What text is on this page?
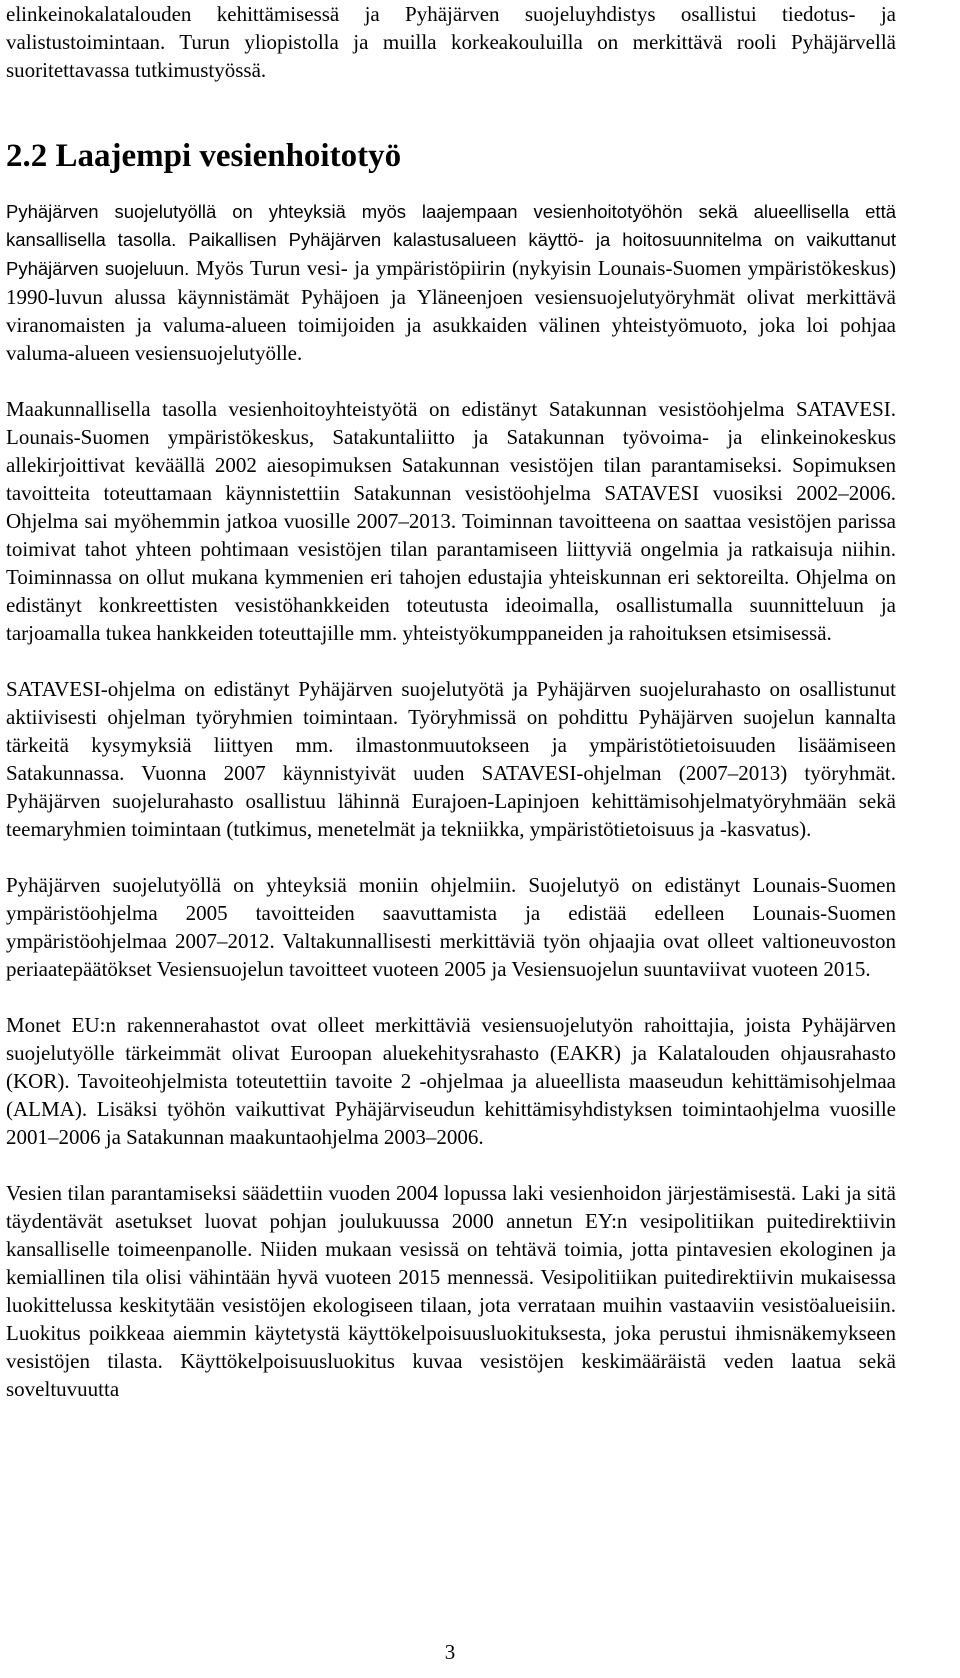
elinkeinokalatalouden kehittämisessä ja Pyhäjärven suojeluyhdistys osallistui tiedotus- ja valistustoimintaan. Turun yliopistolla ja muilla korkeakouluilla on merkittävä rooli Pyhäjärvellä suoritettavassa tutkimustyössä.

2.2 Laajempi vesienhoitotyö

Pyhäjärven suojelutyöllä on yhteyksiä myös laajempaan vesienhoitotyöhön sekä alueellisella että kansallisella tasolla. Paikallisen Pyhäjärven kalastusalueen käyttö- ja hoitosuunnitelma on vaikuttanut Pyhäjärven suojeluun. Myös Turun vesi- ja ympäristöpiirin (nykyisin Lounais-Suomen ympäristökeskus) 1990-luvun alussa käynnistämät Pyhäjoen ja Yläneenjoen vesiensuojelutyöryhmät olivat merkittävä viranomaisten ja valuma-alueen toimijoiden ja asukkaiden välinen yhteistyömuoto, joka loi pohjaa valuma-alueen vesiensuojelutyölle.

Maakunnallisella tasolla vesienhoitoyhteistyötä on edistänyt Satakunnan vesistöohjelma SATAVESI. Lounais-Suomen ympäristökeskus, Satakuntaliitto ja Satakunnan työvoima- ja elinkeinokeskus allekirjoittivat keväällä 2002 aiesopimuksen Satakunnan vesistöjen tilan parantamiseksi. Sopimuksen tavoitteita toteuttamaan käynnistettiin Satakunnan vesistöohjelma SATAVESI vuosiksi 2002–2006. Ohjelma sai myöhemmin jatkoa vuosille 2007–2013. Toiminnan tavoitteena on saattaa vesistöjen parissa toimivat tahot yhteen pohtimaan vesistöjen tilan parantamiseen liittyviä ongelmia ja ratkaisuja niihin. Toiminnassa on ollut mukana kymmenien eri tahojen edustajia yhteiskunnan eri sektoreilta. Ohjelma on edistänyt konkreettisten vesistöhankkeiden toteutusta ideoimalla, osallistumalla suunnitteluun ja tarjoamalla tukea hankkeiden toteuttajille mm. yhteistyökumppaneiden ja rahoituksen etsimisessä.

SATAVESI-ohjelma on edistänyt Pyhäjärven suojelutyötä ja Pyhäjärven suojelurahasto on osallistunut aktiivisesti ohjelman työryhmien toimintaan. Työryhmissä on pohdittu Pyhäjärven suojelun kannalta tärkeitä kysymyksiä liittyen mm. ilmastonmuutokseen ja ympäristötietoisuuden lisäämiseen Satakunnassa. Vuonna 2007 käynnistyivät uuden SATAVESI-ohjelman (2007–2013) työryhmät. Pyhäjärven suojelurahasto osallistuu lähinnä Eurajoen-Lapinjoen kehittämisohjelmatyöryhmään sekä teemaryhmien toimintaan (tutkimus, menetelmät ja tekniikka, ympäristötietoisuus ja -kasvatus).

Pyhäjärven suojelutyöllä on yhteyksiä moniin ohjelmiin. Suojelutyö on edistänyt Lounais-Suomen ympäristöohjelma 2005 tavoitteiden saavuttamista ja edistää edelleen Lounais-Suomen ympäristöohjelmaa 2007–2012. Valtakunnallisesti merkittäviä työn ohjaajia ovat olleet valtioneuvoston periaatepäätökset Vesiensuojelun tavoitteet vuoteen 2005 ja Vesiensuojelun suuntaviivat vuoteen 2015.

Monet EU:n rakennerahastot ovat olleet merkittäviä vesiensuojelutyön rahoittajia, joista Pyhäjärven suojelutyölle tärkeimmät olivat Euroopan aluekehitysrahasto (EAKR) ja Kalatalouden ohjausrahasto (KOR). Tavoiteohjelmista toteutettiin tavoite 2 -ohjelmaa ja alueellista maaseudun kehittämisohjelmaa (ALMA). Lisäksi työhön vaikuttivat Pyhäjärviseudun kehittämisyhdistyksen toimintaohjelma vuosille 2001–2006 ja Satakunnan maakuntaohjelma 2003–2006.

Vesien tilan parantamiseksi säädettiin vuoden 2004 lopussa laki vesienhoidon järjestämisestä. Laki ja sitä täydentävät asetukset luovat pohjan joulukuussa 2000 annetun EY:n vesipolitiikan puitedirektiivin kansalliselle toimeenpanolle. Niiden mukaan vesissä on tehtävä toimia, jotta pintavesien ekologinen ja kemiallinen tila olisi vähintään hyvä vuoteen 2015 mennessä. Vesipolitiikan puitedirektiivin mukaisessa luokittelussa keskitytään vesistöjen ekologiseen tilaan, jota verrataan muihin vastaaviin vesistöalueisiin. Luokitus poikkeaa aiemmin käytetystä käyttökelpoisuusluokituksesta, joka perustui ihmisnäkemykseen vesistöjen tilasta. Käyttökelpoisuusluokitus kuvaa vesistöjen keskimääräistä veden laatua sekä soveltuvuutta

3
